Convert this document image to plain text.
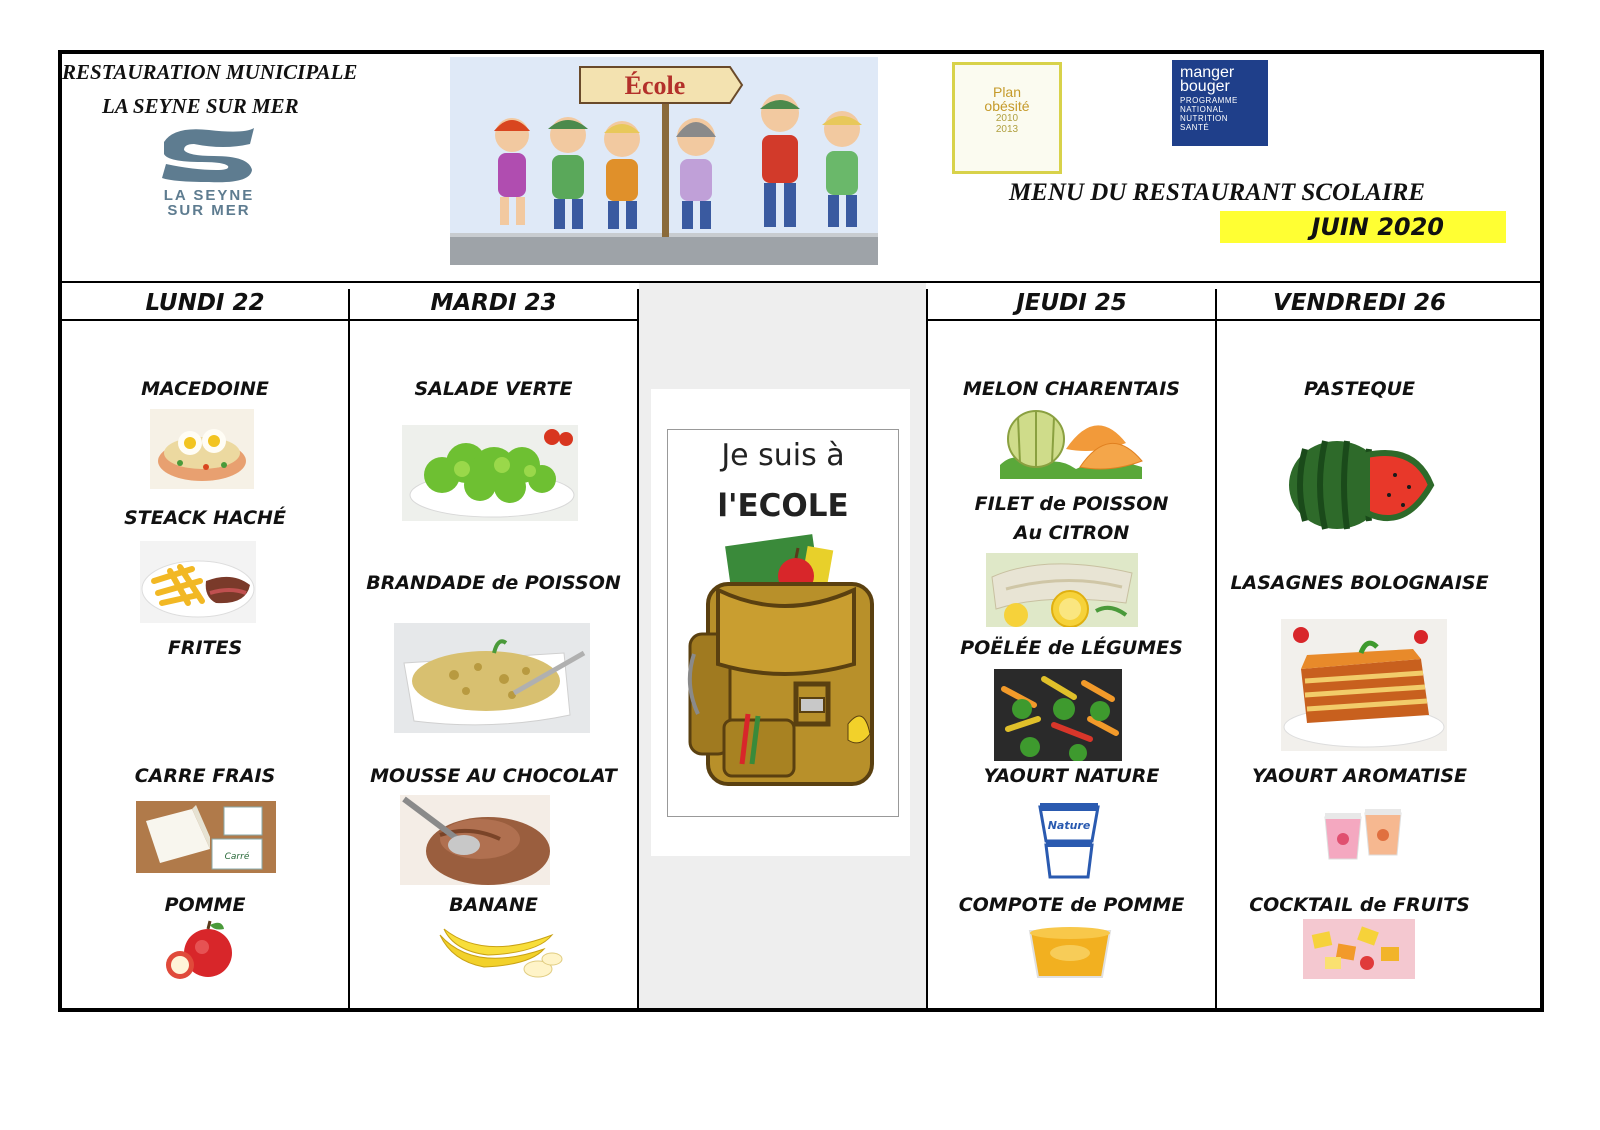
RESTAURATION MUNICIPALE
LA SEYNE SUR MER
LA SEYNE
SUR MER
École	Plan
obésité
2010
2013
manger
bouger
PROGRAMME
NATIONAL
NUTRITION
SANTÉ
MENU DU RESTAURANT SCOLAIRE
JUIN 2020
LUNDI 22	MARDI 23	JEUDI 25	VENDREDI 26
MACEDOINE
STEACK HACHÉ
FRITES
CARRE FRAIS
Carré
POMME
SALADE VERTE
BRANDADE de POISSON
MOUSSE AU CHOCOLAT
BANANE
Je suis à
l'ECOLE
MELON CHARENTAIS
FILET de POISSON
Au CITRON
POËLÉE de LÉGUMES
YAOURT NATURE
Nature
COMPOTE de POMME
PASTEQUE
LASAGNES BOLOGNAISE
YAOURT AROMATISE
COCKTAIL de FRUITS
